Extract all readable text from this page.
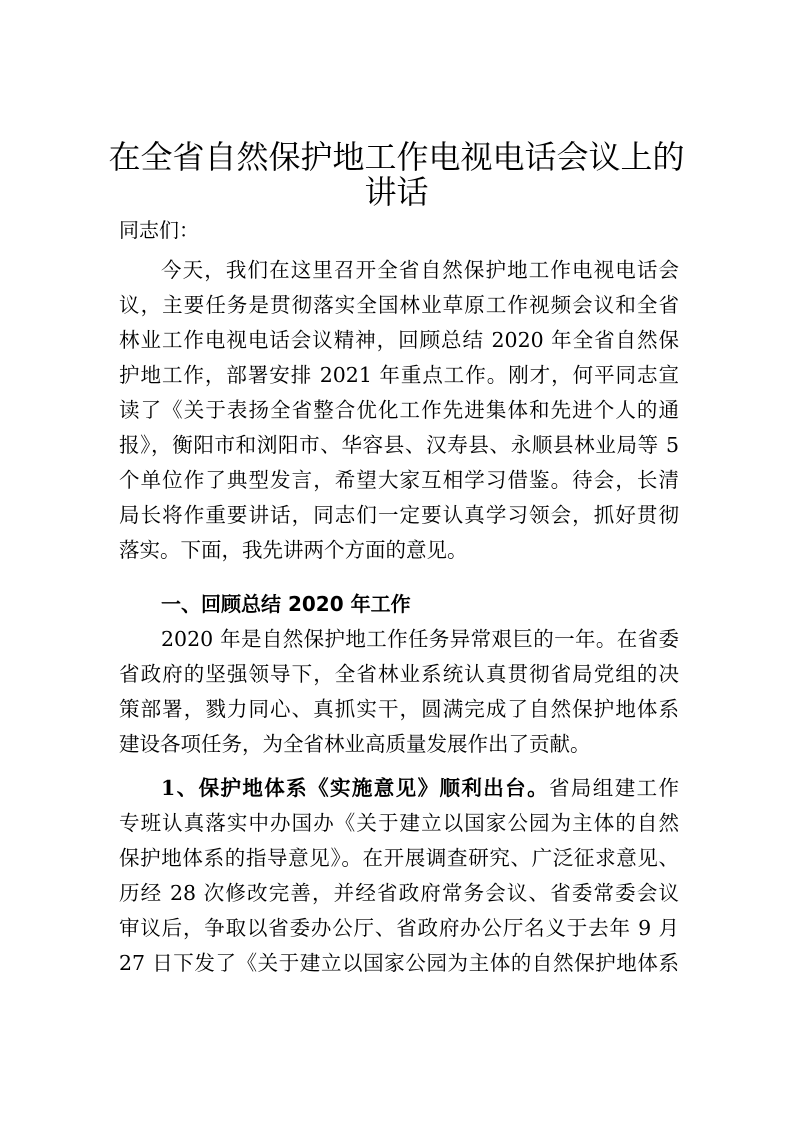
在全省自然保护地工作电视电话会议上的
讲话
同志们：
今天，我们在这里召开全省自然保护地工作电视电话会
议，主要任务是贯彻落实全国林业草原工作视频会议和全省
林业工作电视电话会议精神，回顾总结 2020 年全省自然保
护地工作，部署安排 2021 年重点工作。刚才，何平同志宣
读了《关于表扬全省整合优化工作先进集体和先进个人的通
报》，衡阳市和浏阳市、华容县、汉寿县、永顺县林业局等 5
个单位作了典型发言，希望大家互相学习借鉴。待会，长清
局长将作重要讲话，同志们一定要认真学习领会，抓好贯彻
落实。下面，我先讲两个方面的意见。
一、回顾总结 2020 年工作
2020 年是自然保护地工作任务异常艰巨的一年。在省委
省政府的坚强领导下，全省林业系统认真贯彻省局党组的决
策部署，戮力同心、真抓实干，圆满完成了自然保护地体系
建设各项任务，为全省林业高质量发展作出了贡献。
1、保护地体系《实施意见》顺利出台。省局组建工作
专班认真落实中办国办《关于建立以国家公园为主体的自然
保护地体系的指导意见》。在开展调查研究、广泛征求意见、
历经 28 次修改完善，并经省政府常务会议、省委常委会议
审议后，争取以省委办公厅、省政府办公厅名义于去年 9 月
27 日下发了《关于建立以国家公园为主体的自然保护地体系
